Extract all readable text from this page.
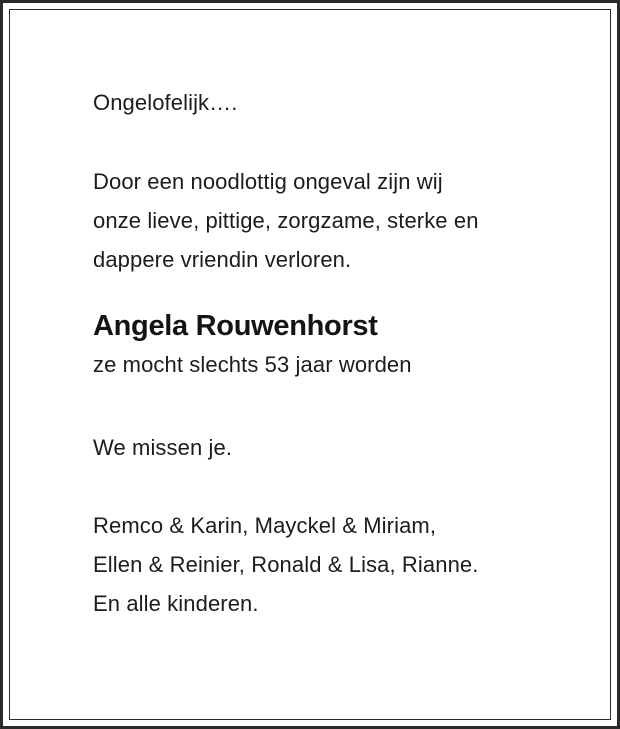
Ongelofelijk….
Door een noodlottig ongeval zijn wij
onze lieve, pittige, zorgzame, sterke en
dappere vriendin verloren.
Angela Rouwenhorst
ze mocht slechts 53 jaar worden
We missen je.
Remco & Karin, Mayckel & Miriam,
Ellen & Reinier, Ronald & Lisa, Rianne.
En alle kinderen.
